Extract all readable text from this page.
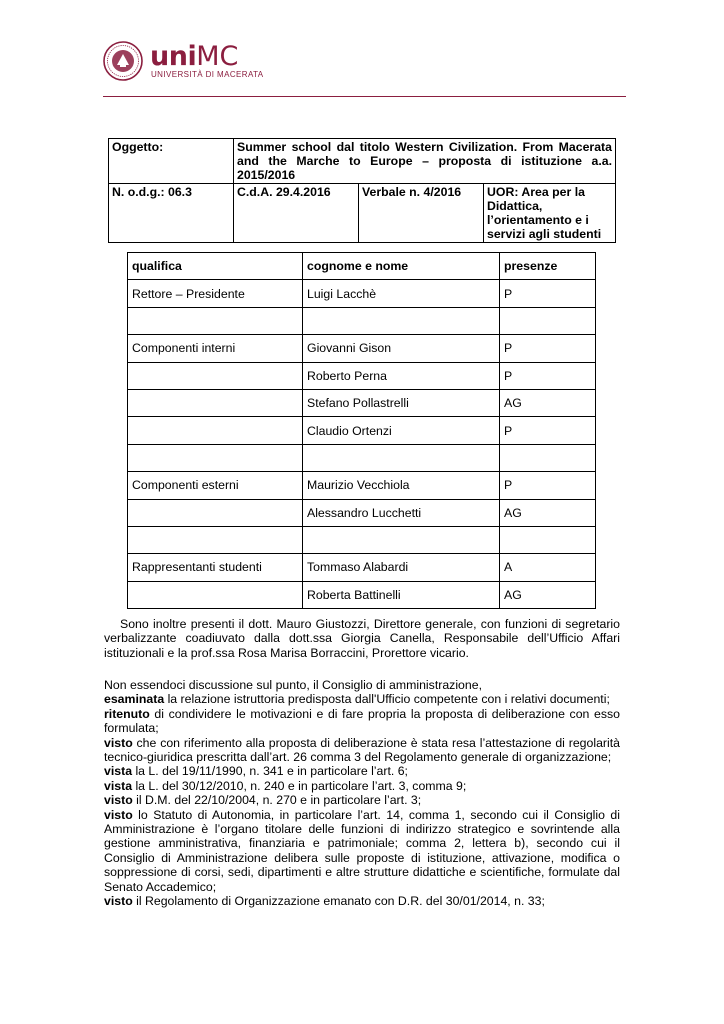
uniMC
UNIVERSITÀ DI MACERATA
Oggetto:	Summer school dal titolo Western Civilization. From Macerata and the Marche to Europe – proposta di istituzione a.a. 2015/2016		
N. o.d.g.: 06.3	C.d.A. 29.4.2016	Verbale n. 4/2016	UOR: Area per la Didattica, l’orientamento e i servizi agli studenti
qualifica	cognome e nome	presenze
Rettore – Presidente	Luigi Lacchè	P

Componenti interni	Giovanni Gison	P
	Roberto Perna	P
	Stefano Pollastrelli	AG
	Claudio Ortenzi	P

Componenti esterni	Maurizio Vecchiola	P
	Alessandro Lucchetti	AG

Rappresentanti studenti	Tommaso Alabardi	A
	Roberta Battinelli	AG
Sono inoltre presenti il dott. Mauro Giustozzi, Direttore generale, con funzioni di segretario verbalizzante coadiuvato dalla dott.ssa Giorgia Canella, Responsabile dell’Ufficio Affari istituzionali e la prof.ssa Rosa Marisa Borraccini, Prorettore vicario.
Non essendoci discussione sul punto, il Consiglio di amministrazione,
esaminata la relazione istruttoria predisposta dall'Ufficio competente con i relativi documenti;
ritenuto di condividere le motivazioni e di fare propria la proposta di deliberazione con esso formulata;
visto che con riferimento alla proposta di deliberazione è stata resa l’attestazione di regolarità tecnico-giuridica prescritta dall’art. 26 comma 3 del Regolamento generale di organizzazione;
vista la L. del 19/11/1990, n. 341 e in particolare l’art. 6;
vista la L. del 30/12/2010, n. 240 e in particolare l’art. 3, comma 9;
visto il D.M. del 22/10/2004, n. 270 e in particolare l’art. 3;
visto lo Statuto di Autonomia, in particolare l’art. 14, comma 1, secondo cui il Consiglio di Amministrazione è l’organo titolare delle funzioni di indirizzo strategico e sovrintende alla gestione amministrativa, finanziaria e patrimoniale; comma 2, lettera b), secondo cui il Consiglio di Amministrazione delibera sulle proposte di istituzione, attivazione, modifica o soppressione di corsi, sedi, dipartimenti e altre strutture didattiche e scientifiche, formulate dal Senato Accademico;
visto il Regolamento di Organizzazione emanato con D.R. del 30/01/2014, n. 33;
